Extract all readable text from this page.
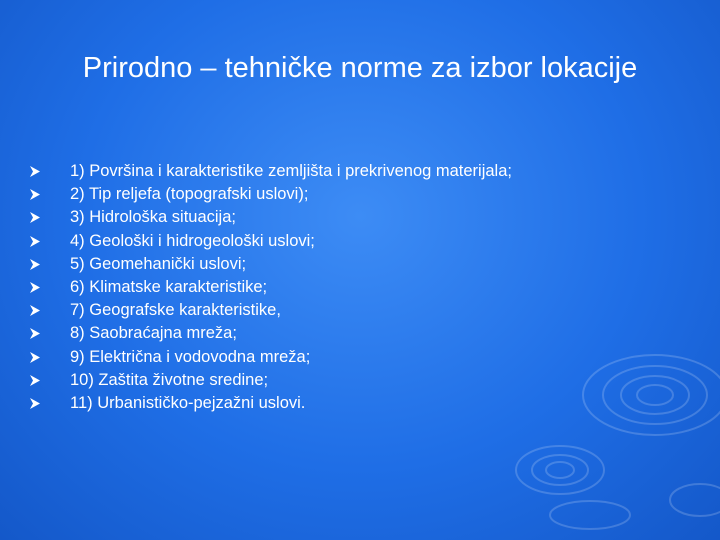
Prirodno – tehničke norme za izbor lokacije
1) Površina i karakteristike zemljišta i prekrivenog materijala;
2) Tip reljefa (topografski uslovi);
3) Hidrološka situacija;
4) Geološki i hidrogeološki uslovi;
5) Geomehanički uslovi;
6) Klimatske karakteristike;
7) Geografske karakteristike,
8) Saobraćajna mreža;
9) Električna i vodovodna mreža;
10) Zaštita životne sredine;
11) Urbanističko-pejzažni uslovi.
